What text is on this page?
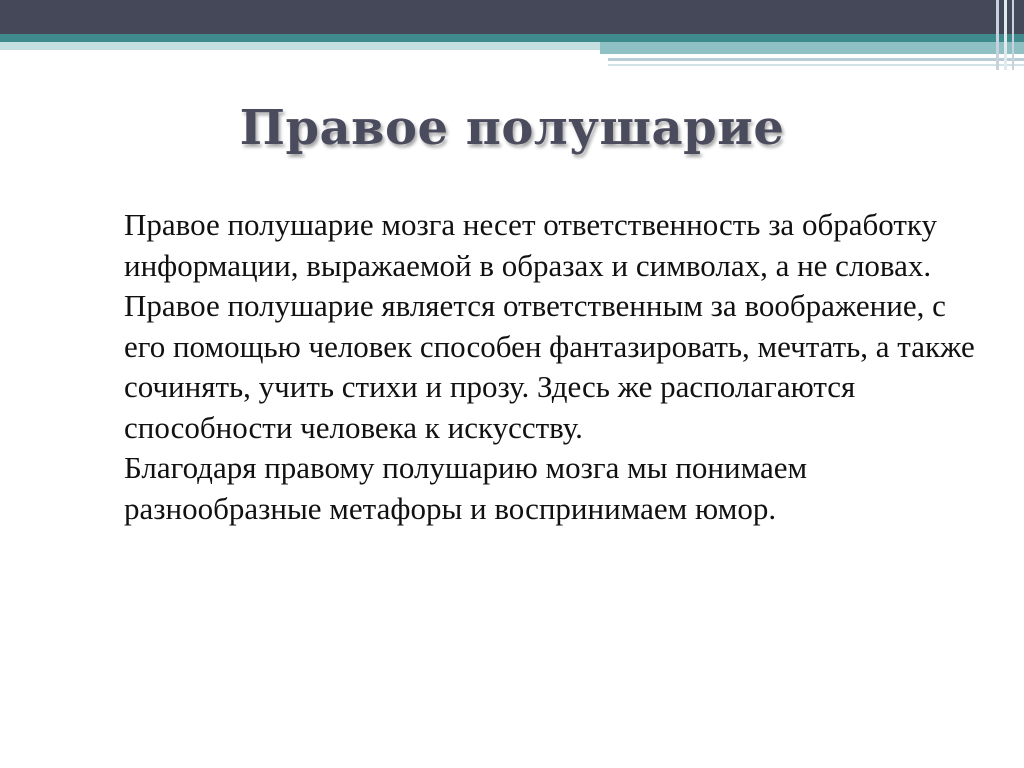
Правое полушарие

Правое полушарие мозга несет ответственность за обработку информации, выражаемой в образах и символах, а не словах.

Правое полушарие является ответственным за воображение, с его помощью человек способен фантазировать, мечтать, а также сочинять, учить стихи и прозу. Здесь же располагаются способности человека к искусству.

Благодаря правому полушарию мозга мы понимаем разнообразные метафоры и воспринимаем юмор.
